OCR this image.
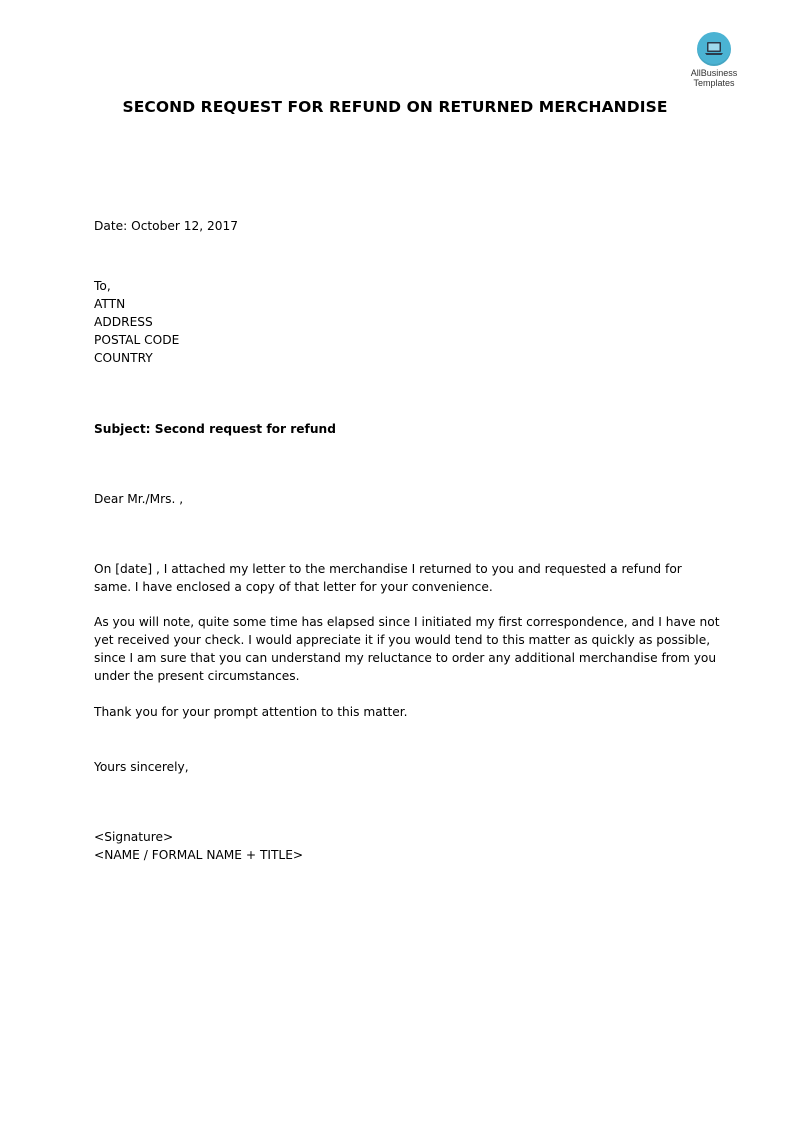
AllBusiness
Templates
SECOND REQUEST FOR REFUND ON RETURNED MERCHANDISE
Date: October 12, 2017
To,
ATTN
ADDRESS
POSTAL CODE
COUNTRY
Subject: Second request for refund
Dear Mr./Mrs. ,
On [date] , I attached my letter to the merchandise I returned to you and requested a refund for
same. I have enclosed a copy of that letter for your convenience.
As you will note, quite some time has elapsed since I initiated my first correspondence, and I have not
yet received your check. I would appreciate it if you would tend to this matter as quickly as possible,
since I am sure that you can understand my reluctance to order any additional merchandise from you
under the present circumstances.
Thank you for your prompt attention to this matter.
Yours sincerely,
<Signature>
<NAME / FORMAL NAME + TITLE>
